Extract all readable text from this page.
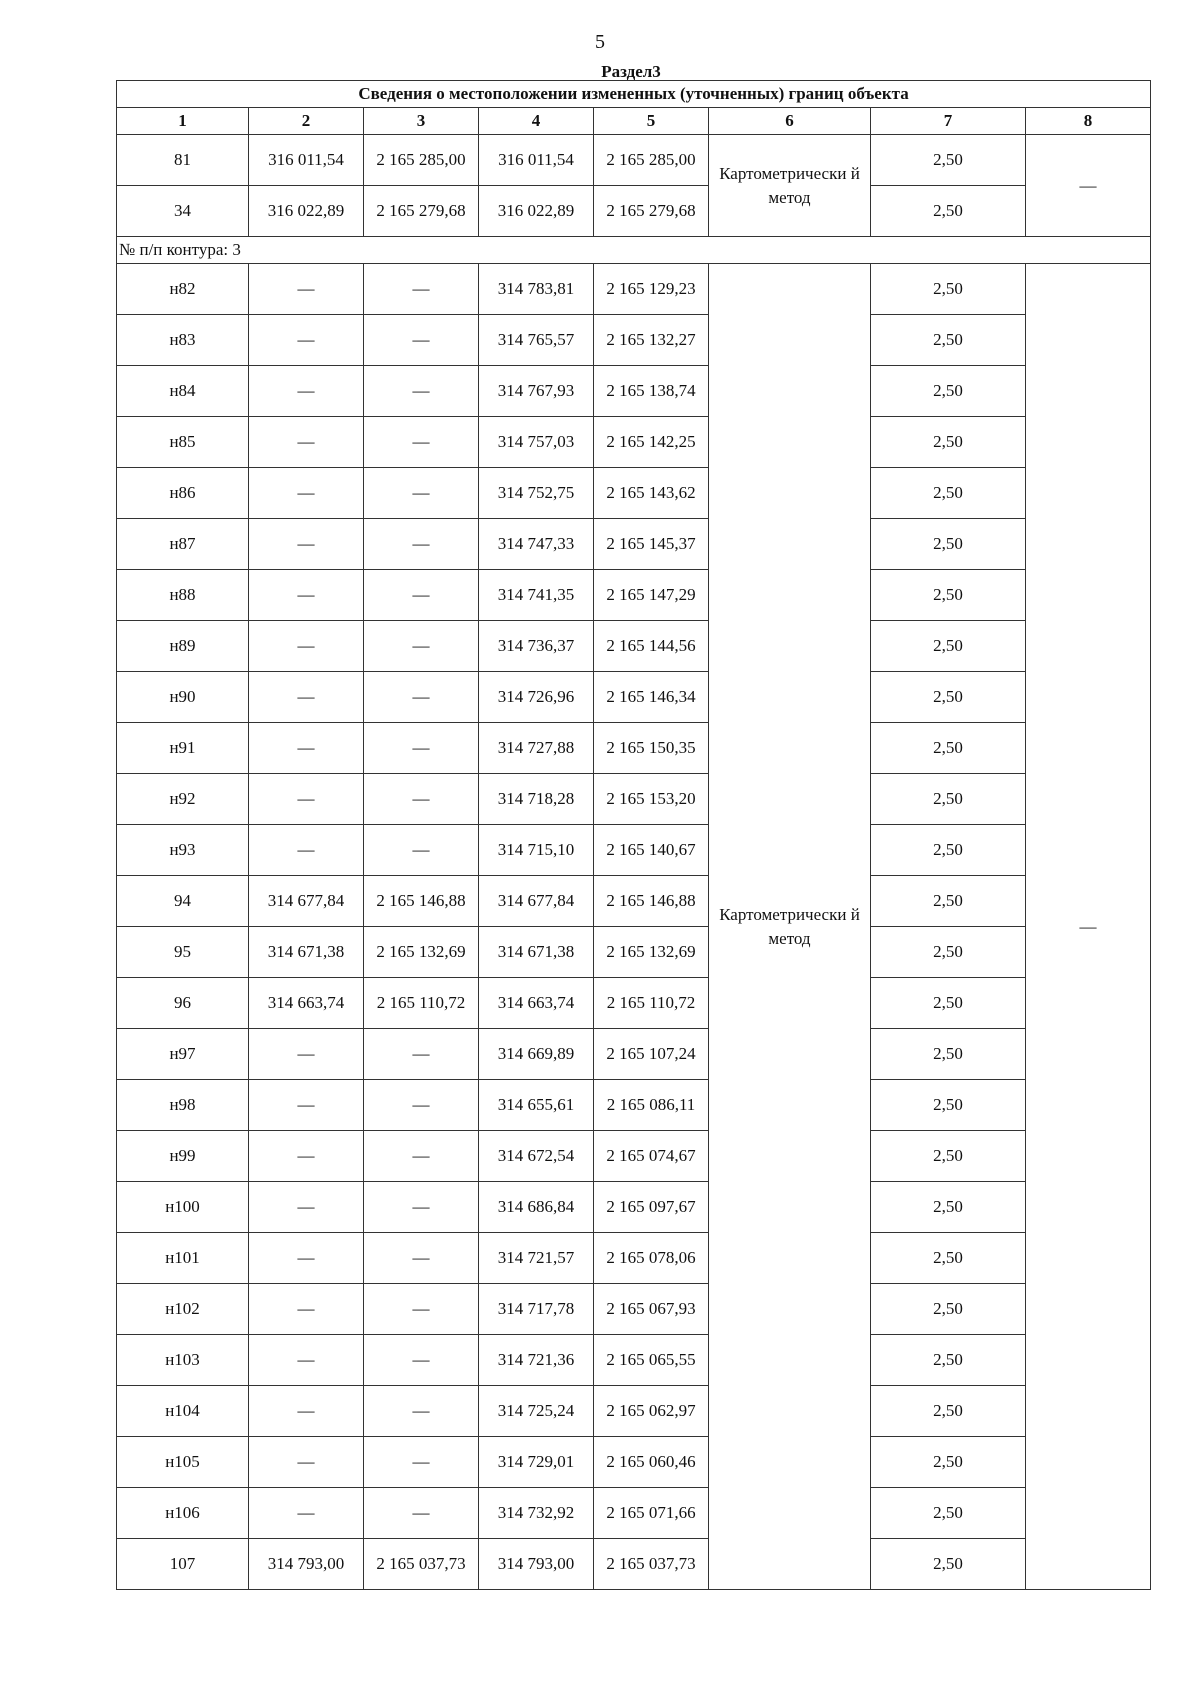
5
Раздел3
Сведения о местоположении измененных (уточненных) границ объекта							
1	2	3	4	5	6	7	8
81	316 011,54	2 165 285,00	316 011,54	2 165 285,00	Картометрически й метод	2,50	—
34	316 022,89	2 165 279,68	316 022,89	2 165 279,68		2,50	
№ п/п контура: 3							
н82	—	—	314 783,81	2 165 129,23	Картометрически й метод	2,50	—
н83	—	—	314 765,57	2 165 132,27		2,50	
н84	—	—	314 767,93	2 165 138,74		2,50	
н85	—	—	314 757,03	2 165 142,25		2,50	
н86	—	—	314 752,75	2 165 143,62		2,50	
н87	—	—	314 747,33	2 165 145,37		2,50	
н88	—	—	314 741,35	2 165 147,29		2,50	
н89	—	—	314 736,37	2 165 144,56		2,50	
н90	—	—	314 726,96	2 165 146,34		2,50	
н91	—	—	314 727,88	2 165 150,35		2,50	
н92	—	—	314 718,28	2 165 153,20		2,50	
н93	—	—	314 715,10	2 165 140,67		2,50	
94	314 677,84	2 165 146,88	314 677,84	2 165 146,88		2,50	
95	314 671,38	2 165 132,69	314 671,38	2 165 132,69		2,50	
96	314 663,74	2 165 110,72	314 663,74	2 165 110,72		2,50	
н97	—	—	314 669,89	2 165 107,24		2,50	
н98	—	—	314 655,61	2 165 086,11		2,50	
н99	—	—	314 672,54	2 165 074,67		2,50	
н100	—	—	314 686,84	2 165 097,67		2,50	
н101	—	—	314 721,57	2 165 078,06		2,50	
н102	—	—	314 717,78	2 165 067,93		2,50	
н103	—	—	314 721,36	2 165 065,55		2,50	
н104	—	—	314 725,24	2 165 062,97		2,50	
н105	—	—	314 729,01	2 165 060,46		2,50	
н106	—	—	314 732,92	2 165 071,66		2,50	
107	314 793,00	2 165 037,73	314 793,00	2 165 037,73		2,50	
